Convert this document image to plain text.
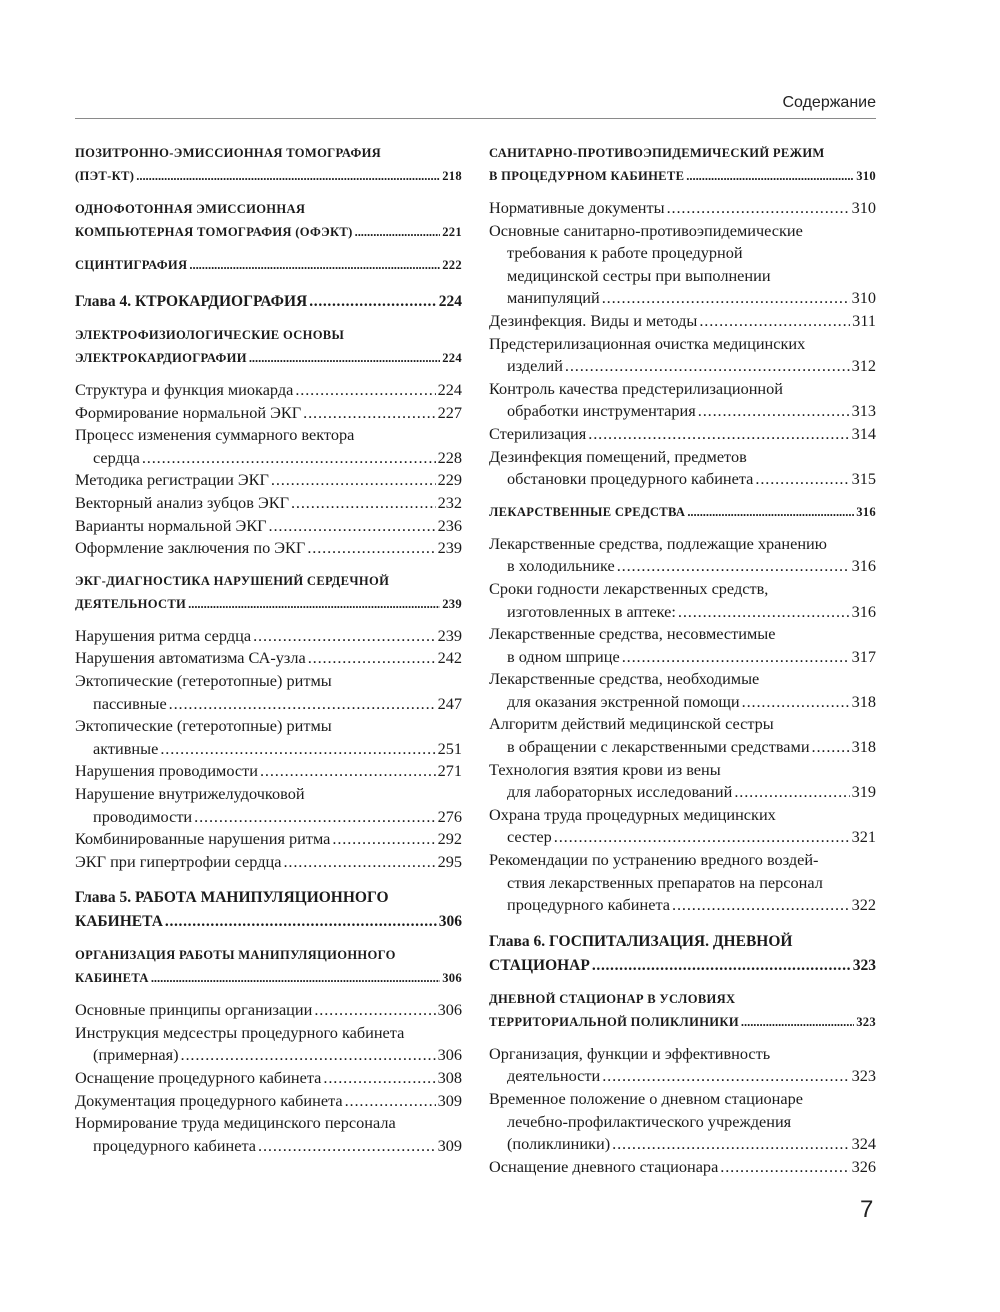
Содержание
ПОЗИТРОННО-ЭМИССИОННАЯ ТОМОГРАФИЯ
(ПЭТ-КТ) . . .	218
ОДНОФОТОННАЯ ЭМИССИОННАЯ
КОМПЬЮТЕРНАЯ ТОМОГРАФИЯ (ОФЭКТ) . . .	221
СЦИНТИГРАФИЯ . . .	222
Глава 4. КТРОКАРДИОГРАФИЯ . . .	224
ЭЛЕКТРОФИЗИОЛОГИЧЕСКИЕ ОСНОВЫ
ЭЛЕКТРОКАРДИОГРАФИИ . . .	224
Структура и функция миокарда . . .	224
Формирование нормальной ЭКГ . . .	227
Процесс изменения суммарного вектора
сердца . . .	228
Методика регистрации ЭКГ . . .	229
Векторный анализ зубцов ЭКГ . . .	232
Варианты нормальной ЭКГ . . .	236
Оформление заключения по ЭКГ . . .	239
ЭКГ-ДИАГНОСТИКА НАРУШЕНИЙ СЕРДЕЧНОЙ
ДЕЯТЕЛЬНОСТИ . . .	239
Нарушения ритма сердца . . .	239
Нарушения автоматизма СА-узла . . .	242
Эктопические (гетеротопные) ритмы
пассивные . . .	247
Эктопические (гетеротопные) ритмы
активные . . .	251
Нарушения проводимости . . .	271
Нарушение внутрижелудочковой
проводимости . . .	276
Комбинированные нарушения ритма . . .	292
ЭКГ при гипертрофии сердца . . .	295
Глава 5. РАБОТА МАНИПУЛЯЦИОННОГО
КАБИНЕТА . . .	306
ОРГАНИЗАЦИЯ РАБОТЫ МАНИПУЛЯЦИОННОГО
КАБИНЕТА . . .	306
Основные принципы организации . . .	306
Инструкция медсестры процедурного кабинета
(примерная) . . .	306
Оснащение процедурного кабинета . . .	308
Документация процедурного кабинета . . .	309
Нормирование труда медицинского персонала
процедурного кабинета . . .	309
САНИТАРНО-ПРОТИВОЭПИДЕМИЧЕСКИЙ РЕЖИМ
В ПРОЦЕДУРНОМ КАБИНЕТЕ . . .	310
Нормативные документы . . .	310
Основные санитарно-противоэпидемические
требования к работе процедурной
медицинской сестры при выполнении
манипуляций . . .	310
Дезинфекция. Виды и методы . . .	311
Предстерилизационная очистка медицинских
изделий . . .	312
Контроль качества предстерилизационной
обработки инструментария . . .	313
Стерилизация . . .	314
Дезинфекция помещений, предметов
обстановки процедурного кабинета . . .	315
ЛЕКАРСТВЕННЫЕ СРЕДСТВА . . .	316
Лекарственные средства, подлежащие хранению
в холодильнике . . .	316
Сроки годности лекарственных средств,
изготовленных в аптеке: . . .	316
Лекарственные средства, несовместимые
в одном шприце . . .	317
Лекарственные средства, необходимые
для оказания экстренной помощи . . .	318
Алгоритм действий медицинской сестры
в обращении с лекарственными средствами . . .	318
Технология взятия крови из вены
для лабораторных исследований . . .	319
Охрана труда процедурных медицинских
сестер . . .	321
Рекомендации по устранению вредного воздей-
ствия лекарственных препаратов на персонал
процедурного кабинета . . .	322
Глава 6. ГОСПИТАЛИЗАЦИЯ. ДНЕВНОЙ
СТАЦИОНАР . . .	323
ДНЕВНОЙ СТАЦИОНАР В УСЛОВИЯХ
ТЕРРИТОРИАЛЬНОЙ ПОЛИКЛИНИКИ . . .	323
Организация, функции и эффективность
деятельности . . .	323
Временное положение о дневном стационаре
лечебно-профилактического учреждения
(поликлиники) . . .	324
Оснащение дневного стационара . . .	326
7
